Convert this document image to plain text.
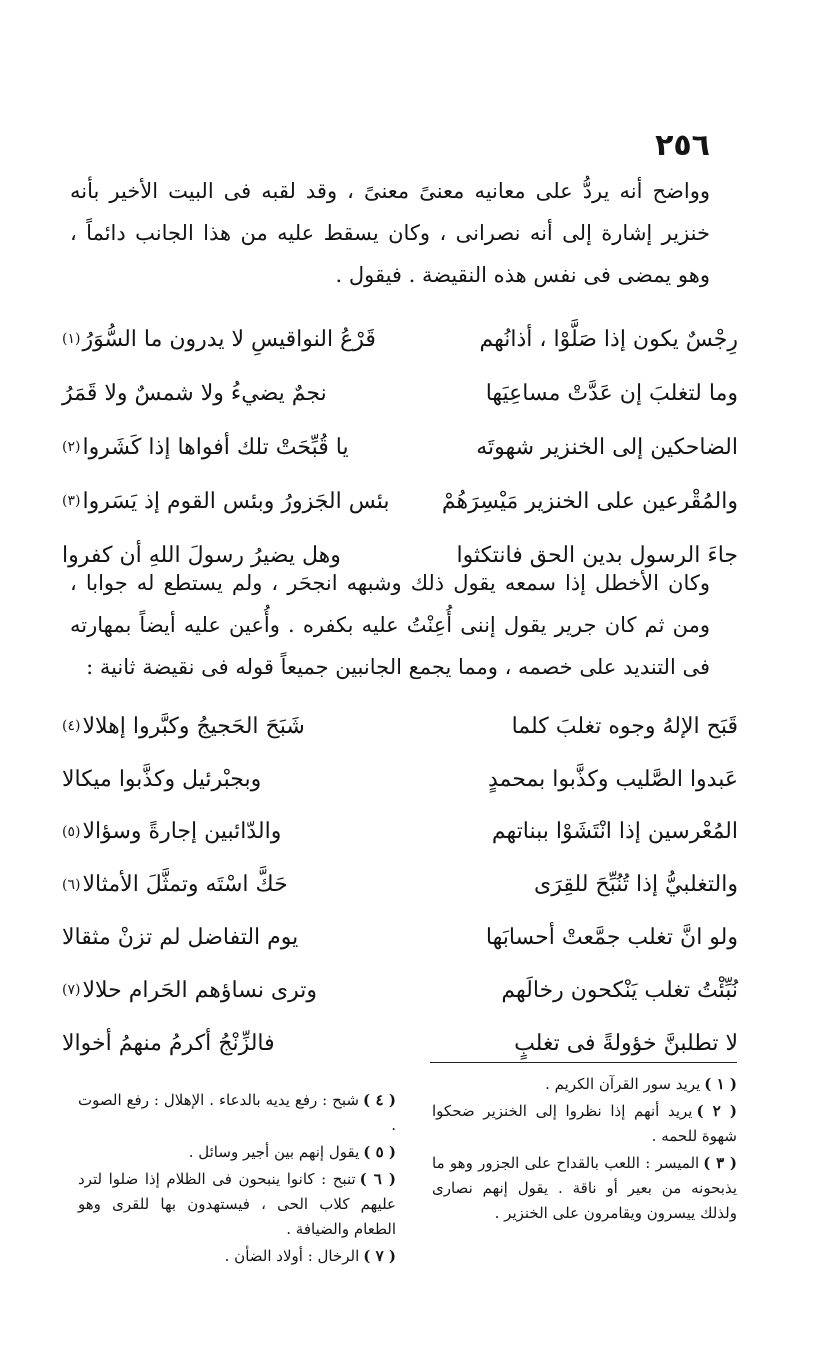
٢٥٦
وواضح أنه يردُّ على معانيه معنىً معنىً ، وقد لقبه فى البيت الأخير بأنه خنزير إشارة إلى أنه نصرانى ، وكان يسقط عليه من هذا الجانب دائماً ، وهو يمضى فى نفس هذه النقيضة . فيقول .
رِجْسٌ يكون إذا صَلَّوْا ، أذانُهم
قَرْعُ النواقيسِ لا يدرون ما السُّوَرُ
(١)
وما لتغلبَ إن عَدَّتْ مساعِيَها
نجمٌ يضيءُ ولا شمسٌ ولا قَمَرُ
الضاحكين إلى الخنزير شهوتَه
يا قُبِّحَتْ تلك أفواها إذا كَشَروا
(٢)
والمُقْرعين على الخنزير مَيْسِرَهُمْ
بئس الجَزورُ وبئس القوم إذ يَسَروا
(٣)
جاءَ الرسول بدين الحق فانتكثوا
وهل يضيرُ رسولَ اللهِ أن كفروا
وكان الأخطل إذا سمعه يقول ذلك وشبهه انجحَر ، ولم يستطع له جوابا ، ومن ثم كان جرير يقول إننى أُعِنْتُ عليه بكفره . وأُعين عليه أيضاً بمهارته فى التنديد على خصمه ، ومما يجمع الجانبين جميعاً قوله فى نقيضة ثانية :
قَبَح الإلهُ وجوه تغلبَ كلما
شَبَحَ الحَجيجُ وكبَّروا إهلالا
(٤)
عَبدوا الصَّليب وكذَّبوا بمحمدٍ
وبجبْرئيل وكذَّبوا ميكالا
المُعْرسين إذا انْتَشَوْا ببناتهم
والدّائبين إجارةً وسؤالا
(٥)
والتغلبيُّ إذا تُنُبِّحَ للقِرَى
حَكَّ اسْتَه وتمثَّلَ الأمثالا
(٦)
ولو انَّ تغلب جمَّعتْ أحسابَها
يوم التفاضل لم تزنْ مثقالا
نُبِّئْتُ تغلب يَنْكحون رخالَهم
وترى نساؤهم الحَرام حلالا
(٧)
لا تطلبنَّ خؤولةً فى تغلبٍ
فالزِّنْجُ أكرمُ منهمُ أخوالا
( ١ )يريد سور القرآن الكريم .
( ٢ )يريد أنهم إذا نظروا إلى الخنزير ضحكوا شهوة للحمه .
( ٣ )الميسر : اللعب بالقداح على الجزور وهو ما يذبحونه من بعير أو ناقة . يقول إنهم نصارى ولذلك ييسرون ويقامرون على الخنزير .
( ٤ )شبح : رفع يديه بالدعاء . الإهلال : رفع الصوت .
( ٥ )يقول إنهم بين أجير وسائل .
( ٦ )تنبح : كانوا ينبحون فى الظلام إذا ضلوا لترد عليهم كلاب الحى ، فيستهدون بها للقرى وهو الطعام والضيافة .
( ٧ )الرخال : أولاد الضأن .
